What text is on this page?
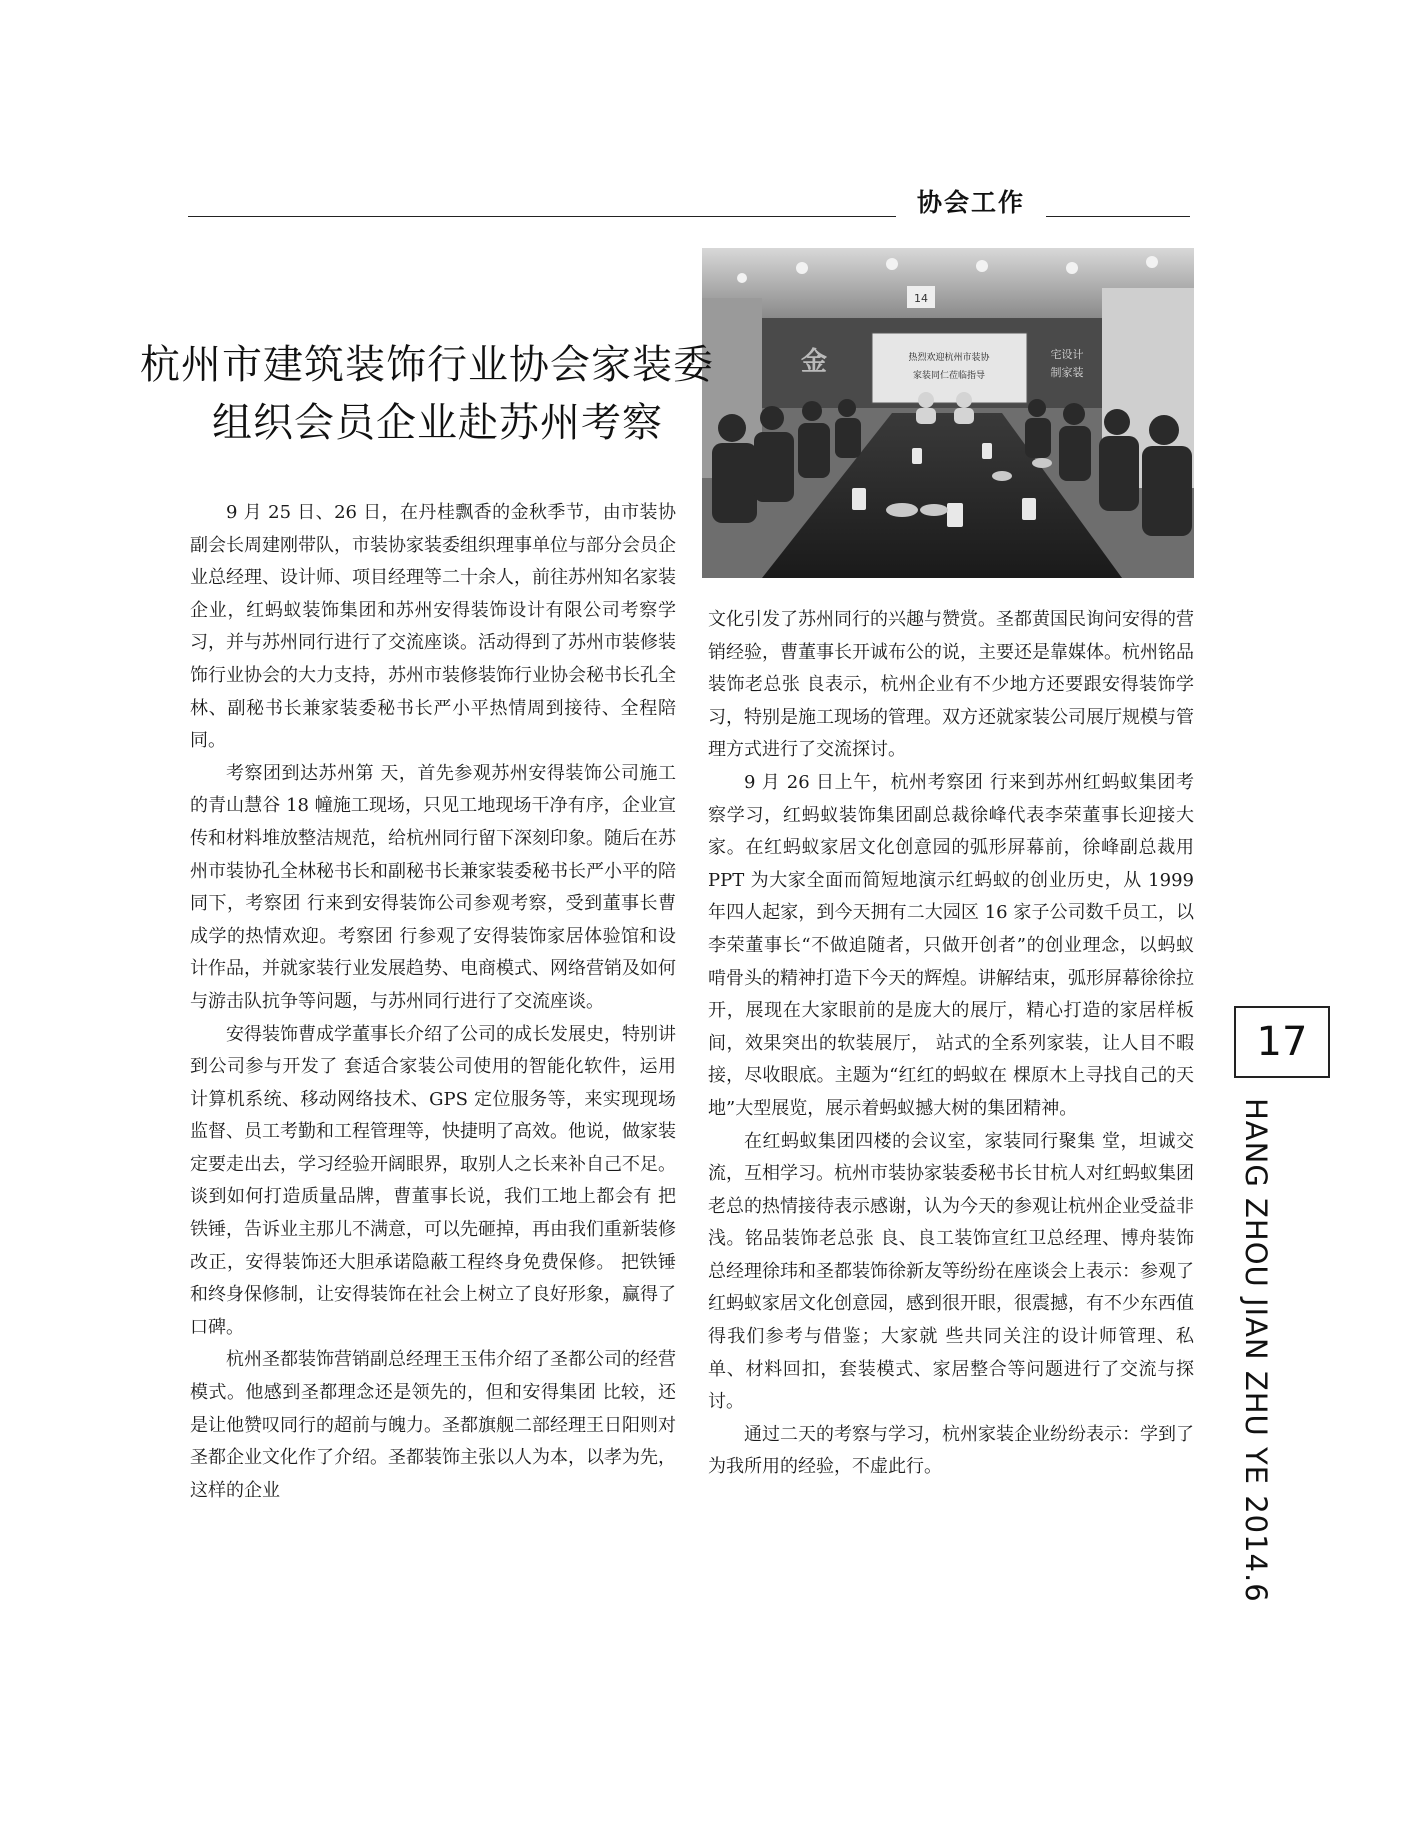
协会工作
热烈欢迎杭州市装协
家装同仁莅临指导
金	宅设计
制家装
14
杭州市建筑装饰行业协会家装委
组织会员企业赴苏州考察

9 月 25 日、26 日，在丹桂飘香的金秋季节，由市装协副会长周建刚带队，市装协家装委组织理事单位与部分会员企业总经理、设计师、项目经理等二十余人，前往苏州知名家装企业，红蚂蚁装饰集团和苏州安得装饰设计有限公司考察学习，并与苏州同行进行了交流座谈。活动得到了苏州市装修装饰行业协会的大力支持，苏州市装修装饰行业协会秘书长孔全林、副秘书长兼家装委秘书长严小平热情周到接待、全程陪同。

考察团到达苏州第 天，首先参观苏州安得装饰公司施工的青山慧谷 18 幢施工现场，只见工地现场干净有序，企业宣传和材料堆放整洁规范，给杭州同行留下深刻印象。随后在苏州市装协孔全林秘书长和副秘书长兼家装委秘书长严小平的陪同下，考察团 行来到安得装饰公司参观考察，受到董事长曹成学的热情欢迎。考察团 行参观了安得装饰家居体验馆和设计作品，并就家装行业发展趋势、电商模式、网络营销及如何与游击队抗争等问题，与苏州同行进行了交流座谈。

安得装饰曹成学董事长介绍了公司的成长发展史，特别讲到公司参与开发了 套适合家装公司使用的智能化软件，运用计算机系统、移动网络技术、GPS 定位服务等，来实现现场监督、员工考勤和工程管理等，快捷明了高效。他说，做家装 定要走出去，学习经验开阔眼界，取别人之长来补自己不足。谈到如何打造质量品牌，曹董事长说，我们工地上都会有 把铁锤，告诉业主那儿不满意，可以先砸掉，再由我们重新装修改正，安得装饰还大胆承诺隐蔽工程终身免费保修。 把铁锤和终身保修制，让安得装饰在社会上树立了良好形象，赢得了口碑。

杭州圣都装饰营销副总经理王玉伟介绍了圣都公司的经营模式。他感到圣都理念还是领先的，但和安得集团 比较，还是让他赞叹同行的超前与魄力。圣都旗舰二部经理王日阳则对圣都企业文化作了介绍。圣都装饰主张以人为本，以孝为先，这样的企业

文化引发了苏州同行的兴趣与赞赏。圣都黄国民询问安得的营销经验，曹董事长开诚布公的说，主要还是靠媒体。杭州铭品装饰老总张 良表示，杭州企业有不少地方还要跟安得装饰学习，特别是施工现场的管理。双方还就家装公司展厅规模与管理方式进行了交流探讨。

9 月 26 日上午，杭州考察团 行来到苏州红蚂蚁集团考察学习，红蚂蚁装饰集团副总裁徐峰代表李荣董事长迎接大家。在红蚂蚁家居文化创意园的弧形屏幕前，徐峰副总裁用 PPT 为大家全面而简短地演示红蚂蚁的创业历史，从 1999 年四人起家，到今天拥有二大园区 16 家子公司数千员工，以李荣董事长“不做追随者，只做开创者”的创业理念，以蚂蚁啃骨头的精神打造下今天的辉煌。讲解结束，弧形屏幕徐徐拉开，展现在大家眼前的是庞大的展厅，精心打造的家居样板间，效果突出的软装展厅， 站式的全系列家装，让人目不暇接，尽收眼底。主题为“红红的蚂蚁在 棵原木上寻找自己的天地”大型展览，展示着蚂蚁撼大树的集团精神。

在红蚂蚁集团四楼的会议室，家装同行聚集 堂，坦诚交流，互相学习。杭州市装协家装委秘书长甘杭人对红蚂蚁集团老总的热情接待表示感谢，认为今天的参观让杭州企业受益非浅。铭品装饰老总张 良、良工装饰宣红卫总经理、博舟装饰总经理徐玮和圣都装饰徐新友等纷纷在座谈会上表示：参观了红蚂蚁家居文化创意园，感到很开眼，很震撼，有不少东西值得我们参考与借鉴；大家就 些共同关注的设计师管理、私单、材料回扣，套装模式、家居整合等问题进行了交流与探讨。

通过二天的考察与学习，杭州家装企业纷纷表示：学到了为我所用的经验，不虚此行。

17
HANG ZHOU JIAN ZHU YE 2014.6
